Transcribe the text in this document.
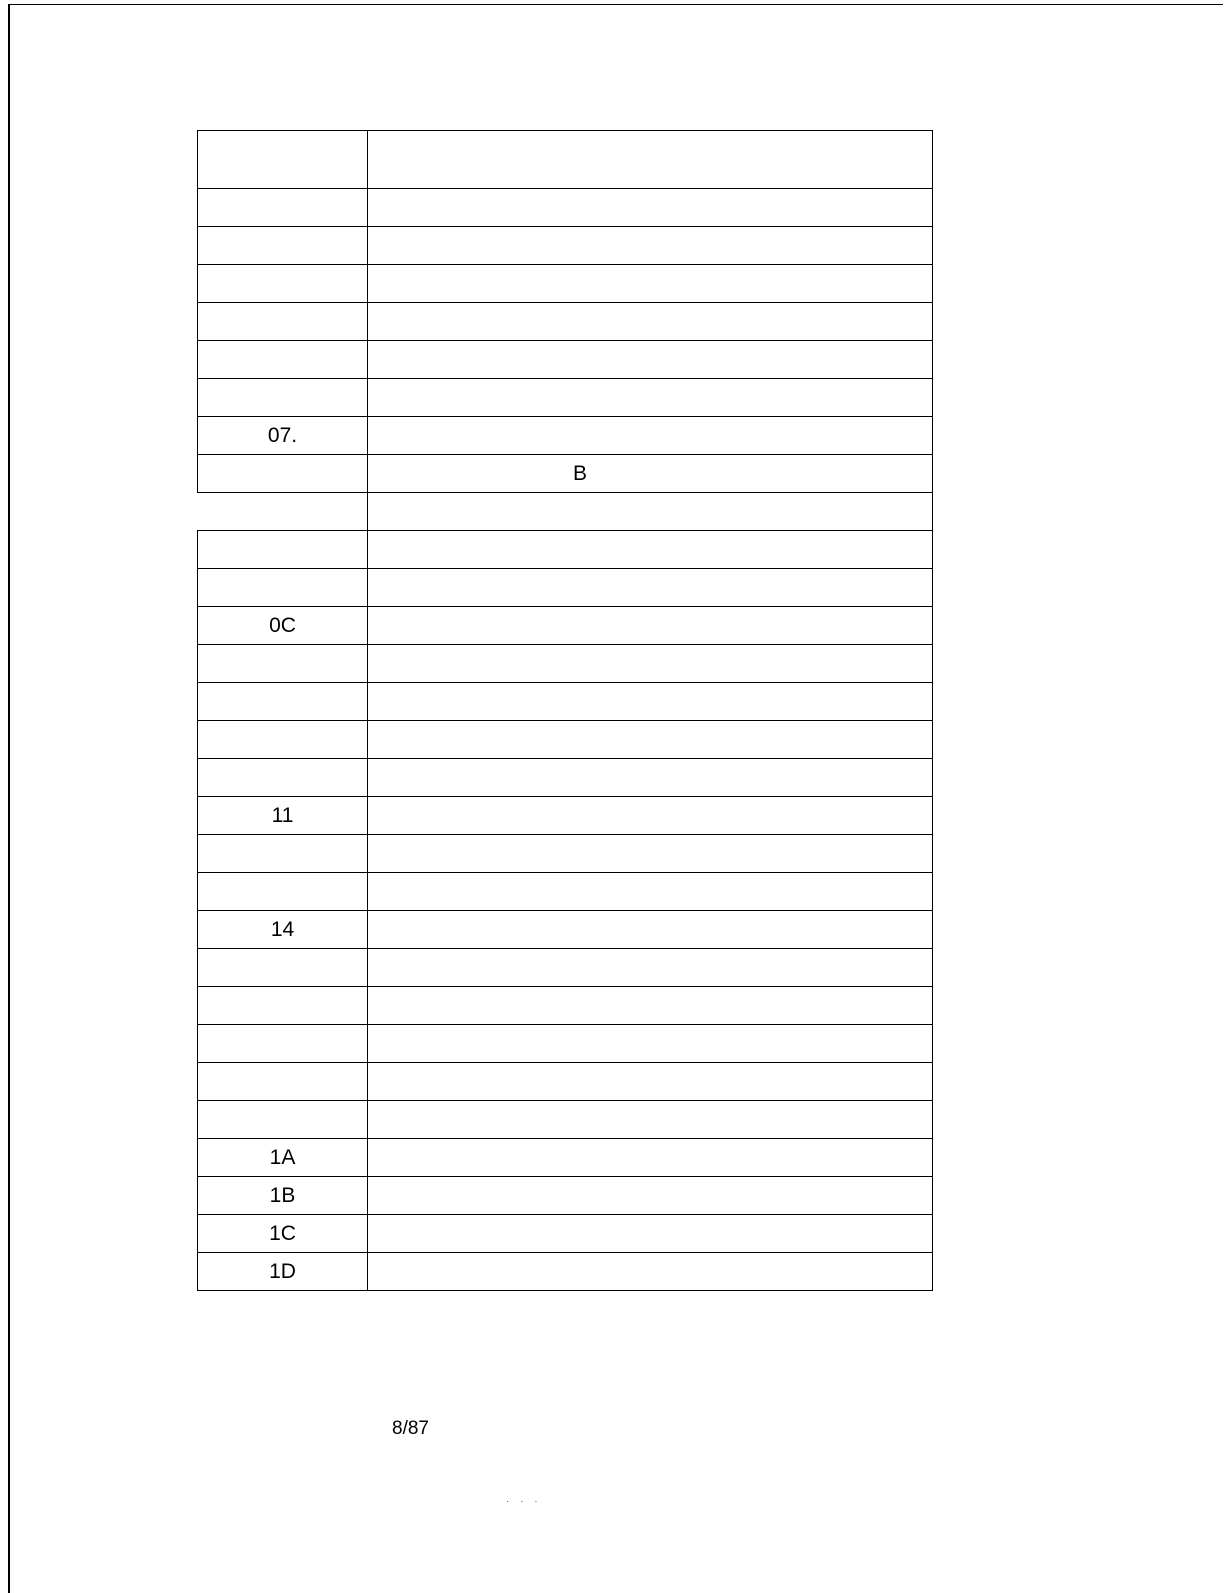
07.	
	B

0C	

11	

14	

1A	
1B	
1C	
1D	
8/87
· · ·
